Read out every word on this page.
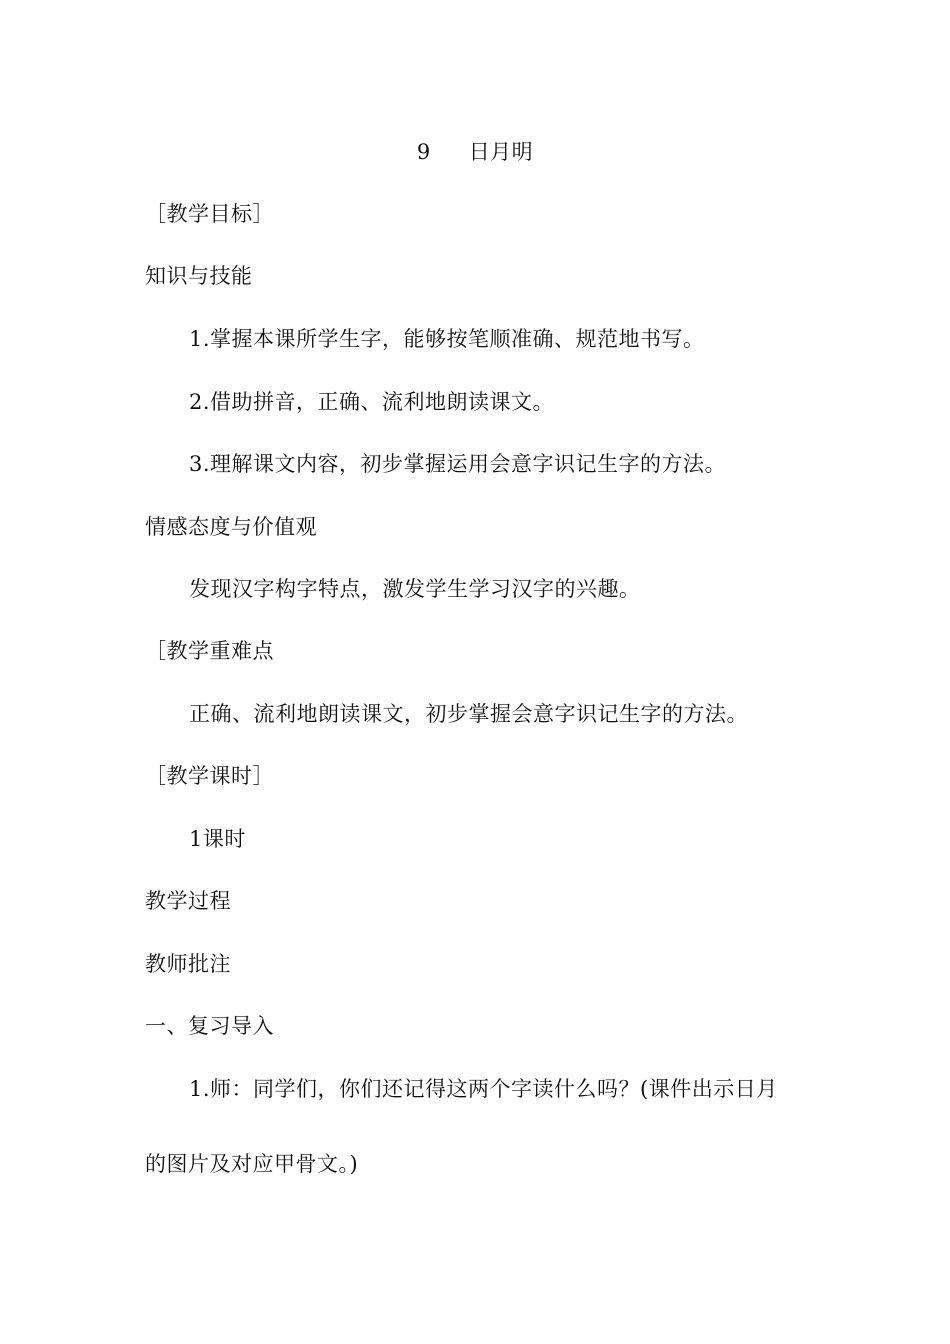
9 日月明
［教学目标］
知识与技能
1.掌握本课所学生字，能够按笔顺准确、规范地书写。
2.借助拼音，正确、流利地朗读课文。
3.理解课文内容，初步掌握运用会意字识记生字的方法。
情感态度与价值观
发现汉字构字特点，激发学生学习汉字的兴趣。
［教学重难点
正确、流利地朗读课文，初步掌握会意字识记生字的方法。
［教学课时］
1课时
教学过程
教师批注
一、复习导入
1.师：同学们，你们还记得这两个字读什么吗？(课件出示日月
的图片及对应甲骨文。)
